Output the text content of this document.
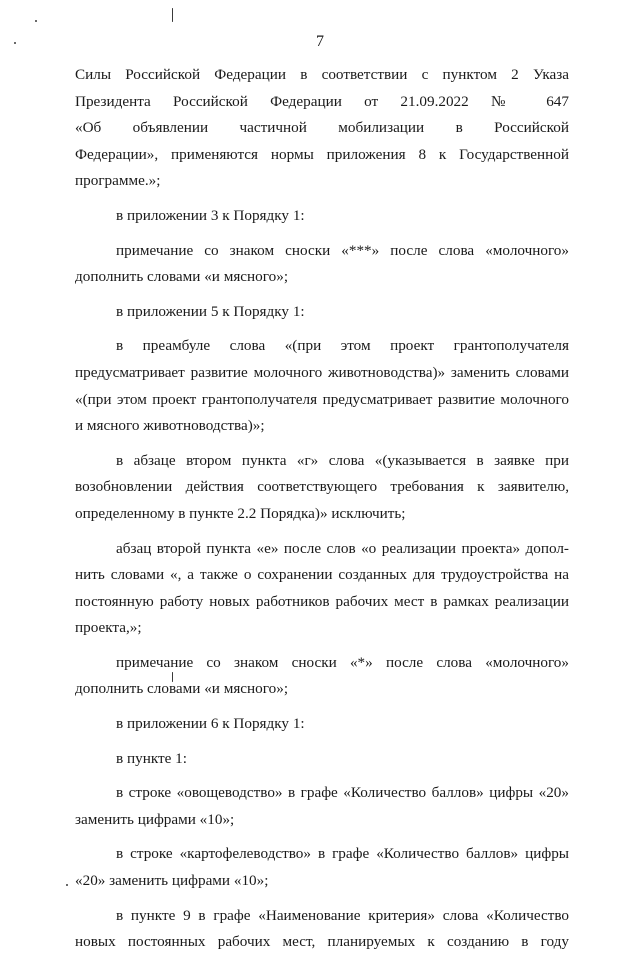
7

Силы Российской Федерации в соответствии с пунктом 2 Указа
Президента Российской Федерации от 21.09.2022 № 647
«Об объявлении частичной мобилизации в Российской
Федерации», применяются нормы приложения 8 к Государственной
программе.»;

в приложении 3 к Порядку 1:

примечание со знаком сноски «***» после слова «молочного»
дополнить словами «и мясного»;

в приложении 5 к Порядку 1:

в преамбуле слова «(при этом проект грантополучателя
предусматривает развитие молочного животноводства)» заменить словами
«(при этом проект грантополучателя предусматривает развитие молочного
и мясного животноводства)»;

в абзаце втором пункта «г» слова «(указывается в заявке при
возобновлении действия соответствующего требования к заявителю,
определенному в пункте 2.2 Порядка)» исключить;

абзац второй пункта «е» после слов «о реализации проекта» допол-
нить словами «, а также о сохранении созданных для трудоустройства на
постоянную работу новых работников рабочих мест в рамках реализации
проекта,»;

примечание со знаком сноски «*» после слова «молочного»
дополнить словами «и мясного»;

в приложении 6 к Порядку 1:

в пункте 1:

в строке «овощеводство» в графе «Количество баллов» цифры «20»
заменить цифрами «10»;

в строке «картофелеводство» в графе «Количество баллов» цифры
«20» заменить цифрами «10»;

в пункте 9 в графе «Наименование критерия» слова «Количество
новых постоянных рабочих мест, планируемых к созданию в году
